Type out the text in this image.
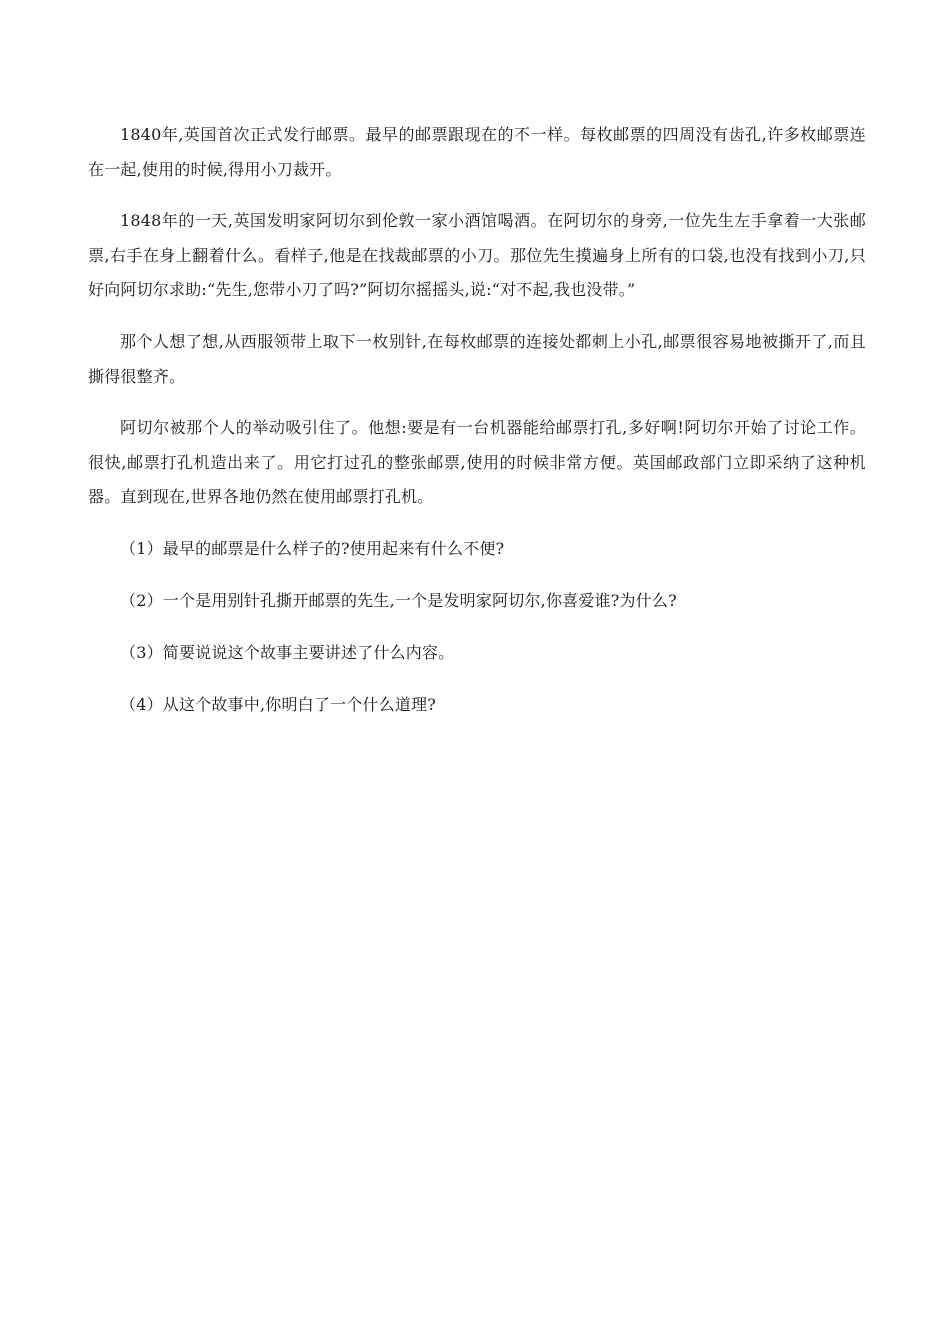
1840年,英国首次正式发行邮票。最早的邮票跟现在的不一样。每枚邮票的四周没有齿孔,许多枚邮票连在一起,使用的时候,得用小刀裁开。

1848年的一天,英国发明家阿切尔到伦敦一家小酒馆喝酒。在阿切尔的身旁,一位先生左手拿着一大张邮票,右手在身上翻着什么。看样子,他是在找裁邮票的小刀。那位先生摸遍身上所有的口袋,也没有找到小刀,只好向阿切尔求助:“先生,您带小刀了吗?”阿切尔摇摇头,说:“对不起,我也没带。”

那个人想了想,从西服领带上取下一枚别针,在每枚邮票的连接处都刺上小孔,邮票很容易地被撕开了,而且撕得很整齐。

阿切尔被那个人的举动吸引住了。他想:要是有一台机器能给邮票打孔,多好啊!阿切尔开始了讨论工作。很快,邮票打孔机造出来了。用它打过孔的整张邮票,使用的时候非常方便。英国邮政部门立即采纳了这种机器。直到现在,世界各地仍然在使用邮票打孔机。

（1）最早的邮票是什么样子的?使用起来有什么不便?

（2）一个是用别针孔撕开邮票的先生,一个是发明家阿切尔,你喜爱谁?为什么?

（3）简要说说这个故事主要讲述了什么内容。

（4）从这个故事中,你明白了一个什么道理?
